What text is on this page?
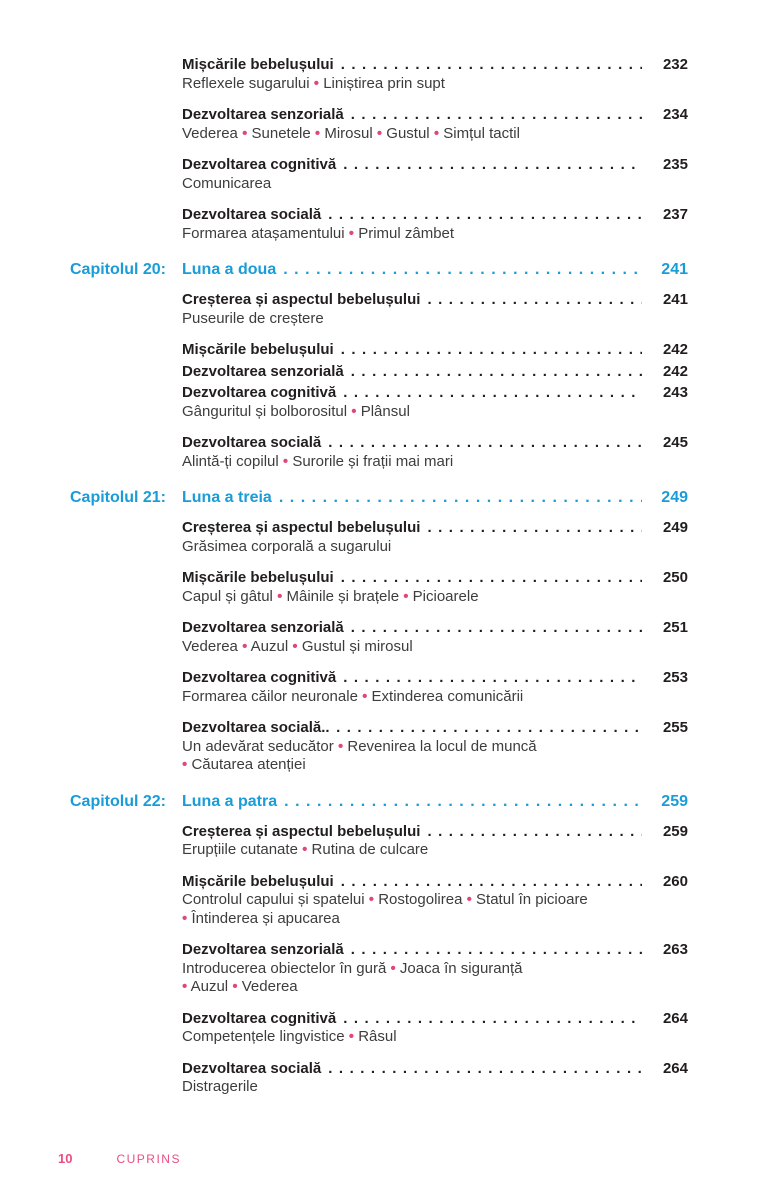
Mișcările bebelușului .....	232
Reflexele sugarului • Liniștirea prin supt
Dezvoltarea senzorială .....	234
Vederea • Sunetele • Mirosul • Gustul • Simțul tactil
Dezvoltarea cognitivă .....	235
Comunicarea
Dezvoltarea socială .....	237
Formarea atașamentului • Primul zâmbet
Capitolul 20: Luna a doua .....	241
Creșterea și aspectul bebelușului .....	241
Puseurile de creștere
Mișcările bebelușului .....	242
Dezvoltarea senzorială .....	242
Dezvoltarea cognitivă .....	243
Gânguritul și bolborositul • Plânsul
Dezvoltarea socială .....	245
Alintă-ți copilul • Surorile și frații mai mari
Capitolul 21: Luna a treia .....	249
Creșterea și aspectul bebelușului .....	249
Grăsimea corporală a sugarului
Mișcările bebelușului .....	250
Capul și gâtul • Mâinile și brațele • Picioarele
Dezvoltarea senzorială .....	251
Vederea • Auzul • Gustul și mirosul
Dezvoltarea cognitivă .....	253
Formarea căilor neuronale • Extinderea comunicării
Dezvoltarea socială. .....	255
Un adevărat seducător • Revenirea la locul de muncă
• Căutarea atenției
Capitolul 22: Luna a patra .....	259
Creșterea și aspectul bebelușului .....	259
Erupțiile cutanate • Rutina de culcare
Mișcările bebelușului .....	260
Controlul capului și spatelui • Rostogolirea • Statul în picioare
• Întinderea și apucarea
Dezvoltarea senzorială .....	263
Introducerea obiectelor în gură • Joaca în siguranță
• Auzul • Vederea
Dezvoltarea cognitivă .....	264
Competențele lingvistice • Râsul
Dezvoltarea socială .....	264
Distragerile
10	CUPRINS
